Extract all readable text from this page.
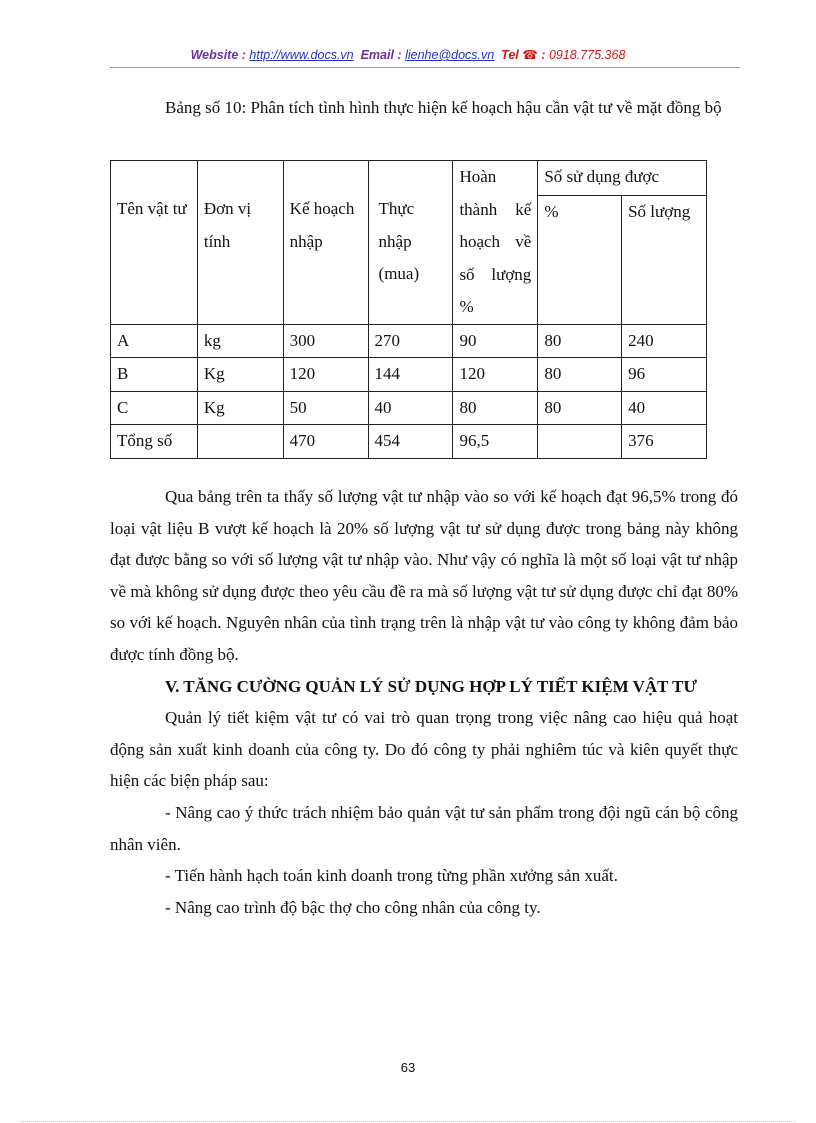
Website : http://www.docs.vn Email : lienhe@docs.vn Tel ☎ : 0918.775.368
Bảng số 10: Phân tích tình hình thực hiện kế hoạch hậu cần vật tư về mặt đồng bộ
Tên vật tư	Đơn vị tính	Kế hoạch nhập	Thực nhập (mua)	Hoàn thành kế hoạch về số lượng %	Số sử dụng được	
					%	Số lượng
A	kg	300	270	90	80	240
B	Kg	120	144	120	80	96
C	Kg	50	40	80	80	40
Tổng số		470	454	96,5		376

Qua bảng trên ta thấy số lượng vật tư nhập vào so với kế hoạch đạt 96,5% trong đó loại vật liệu B vượt kế hoạch là 20% số lượng vật tư sử dụng được trong bảng này không đạt được bằng so với số lượng vật tư nhập vào. Như vậy có nghĩa là một số loại vật tư nhập về mà không sử dụng được theo yêu cầu đề ra mà số lượng vật tư sử dụng được chỉ đạt 80% so với kế hoạch. Nguyên nhân của tình trạng trên là nhập vật tư vào công ty không đảm bảo được tính đồng bộ.

V. TĂNG CƯỜNG QUẢN LÝ SỬ DỤNG HỢP LÝ TIẾT KIỆM VẬT TƯ

Quản lý tiết kiệm vật tư có vai trò quan trọng trong việc nâng cao hiệu quả hoạt động sản xuất kinh doanh của công ty. Do đó công ty phải nghiêm túc và kiên quyết thực hiện các biện pháp sau:

- Nâng cao ý thức trách nhiệm bảo quản vật tư sản phẩm trong đội ngũ cán bộ công nhân viên.

- Tiến hành hạch toán kinh doanh trong từng phần xưởng sản xuất.

- Nâng cao trình độ bậc thợ cho công nhân của công ty.

63
